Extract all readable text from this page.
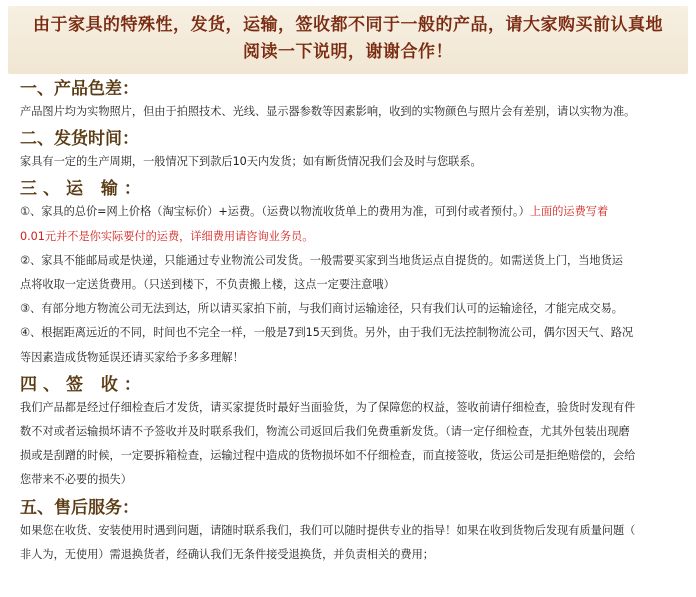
由于家具的特殊性，发货，运输，签收都不同于一般的产品，请大家购买前认真地
阅读一下说明，谢谢合作！
一、产品色差：
产品图片均为实物照片，但由于拍照技术、光线、显示器参数等因素影响，收到的实物颜色与照片会有差别，请以实物为准。
二、发货时间：
家具有一定的生产周期，一般情况下到款后10天内发货；如有断货情况我们会及时与您联系。
三、运 输：
①、家具的总价=网上价格（淘宝标价）+运费。（运费以物流收货单上的费用为准，可到付或者预付。）上面的运费写着
0.01元并不是你实际要付的运费，详细费用请咨询业务员。
②、家具不能邮局或是快递，只能通过专业物流公司发货。一般需要买家到当地货运点自提货的。如需送货上门，当地货运
点将收取一定送货费用。（只送到楼下，不负责搬上楼，这点一定要注意哦）
③、有部分地方物流公司无法到达，所以请买家拍下前，与我们商讨运输途径，只有我们认可的运输途径，才能完成交易。
④、根据距离远近的不同，时间也不完全一样，一般是7到15天到货。另外，由于我们无法控制物流公司，偶尔因天气、路况
等因素造成货物延误还请买家给予多多理解！
四、签 收：
我们产品都是经过仔细检查后才发货，请买家提货时最好当面验货，为了保障您的权益，签收前请仔细检查，验货时发现有件
数不对或者运输损坏请不予签收并及时联系我们，物流公司返回后我们免费重新发货。（请一定仔细检查，尤其外包装出现磨
损或是刮蹭的时候，一定要拆箱检查，运输过程中造成的货物损坏如不仔细检查，而直接签收，货运公司是拒绝赔偿的，会给
您带来不必要的损失）
五、售后服务：
如果您在收货、安装使用时遇到问题，请随时联系我们，我们可以随时提供专业的指导！如果在收到货物后发现有质量问题（
非人为，无使用）需退换货者，经确认我们无条件接受退换货，并负责相关的费用；
